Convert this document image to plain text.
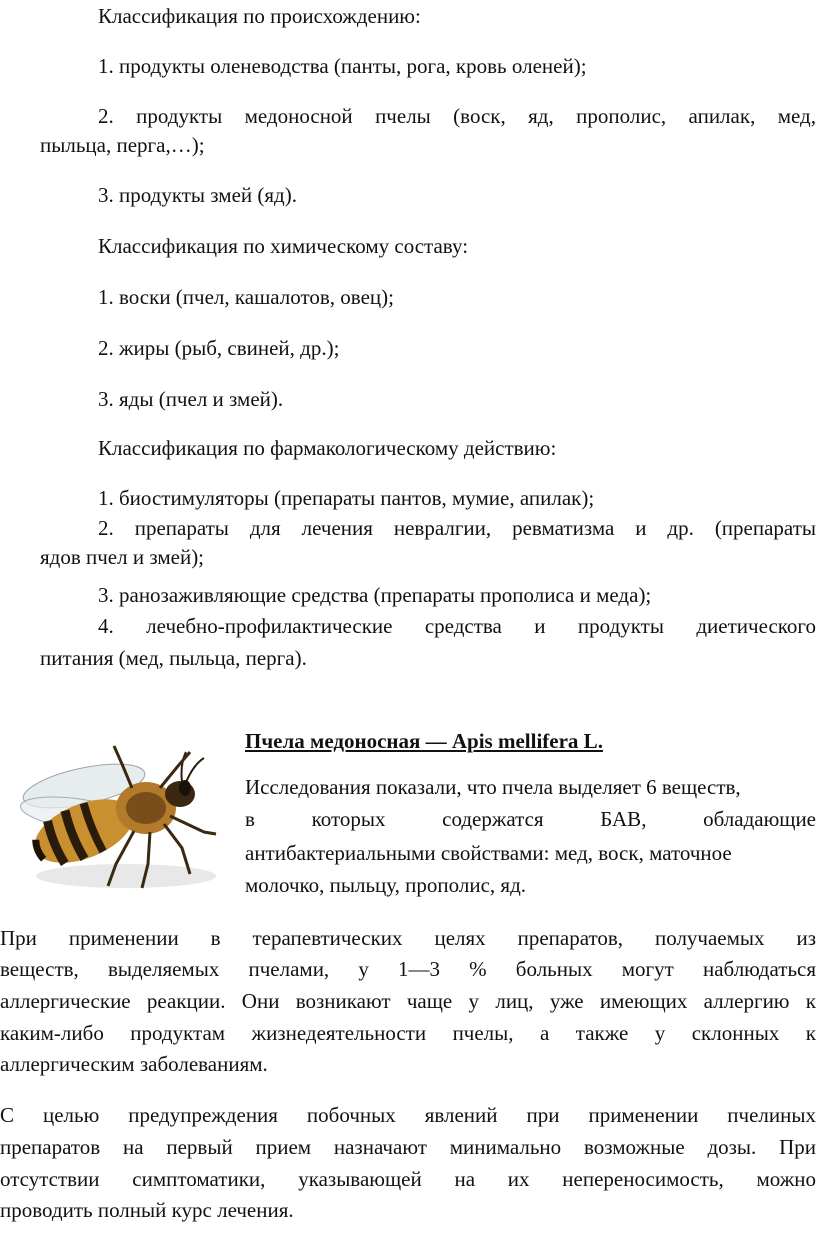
Классификация по происхождению:
1. продукты оленеводства (панты, рога, кровь оленей);
2. продукты медоносной пчелы (воск, яд, прополис, апилак, мед,
пыльца, перга,…);
3. продукты змей (яд).
Классификация по химическому составу:
1. воски (пчел, кашалотов, овец);
2. жиры (рыб, свиней, др.);
3. яды (пчел и змей).
Классификация по фармакологическому действию:
1. биостимуляторы (препараты пантов, мумие, апилак);
2. препараты для лечения невралгии, ревматизма и др. (препараты
ядов пчел и змей);
3. ранозаживляющие средства (препараты прополиса и меда);
4. лечебно-профилактические средства и продукты диетического
питания (мед, пыльца, перга).
Пчела медоносная — Apis mellifera L.
Исследования показали, что пчела выделяет 6 веществ,
в которых содержатся БАВ, обладающие
антибактериальными свойствами: мед, воск, маточное
молочко, пыльцу, прополис, яд.
При применении в терапевтических целях препаратов, получаемых из
веществ, выделяемых пчелами, у 1—3 % больных могут наблюдаться
аллергические реакции. Они возникают чаще у лиц, уже имеющих аллергию к
каким-либо продуктам жизнедеятельности пчелы, а также у склонных к
аллергическим заболеваниям.
С целью предупреждения побочных явлений при применении пчелиных
препаратов на первый прием назначают минимально возможные дозы. При
отсутствии симптоматики, указывающей на их непереносимость, можно
проводить полный курс лечения.
